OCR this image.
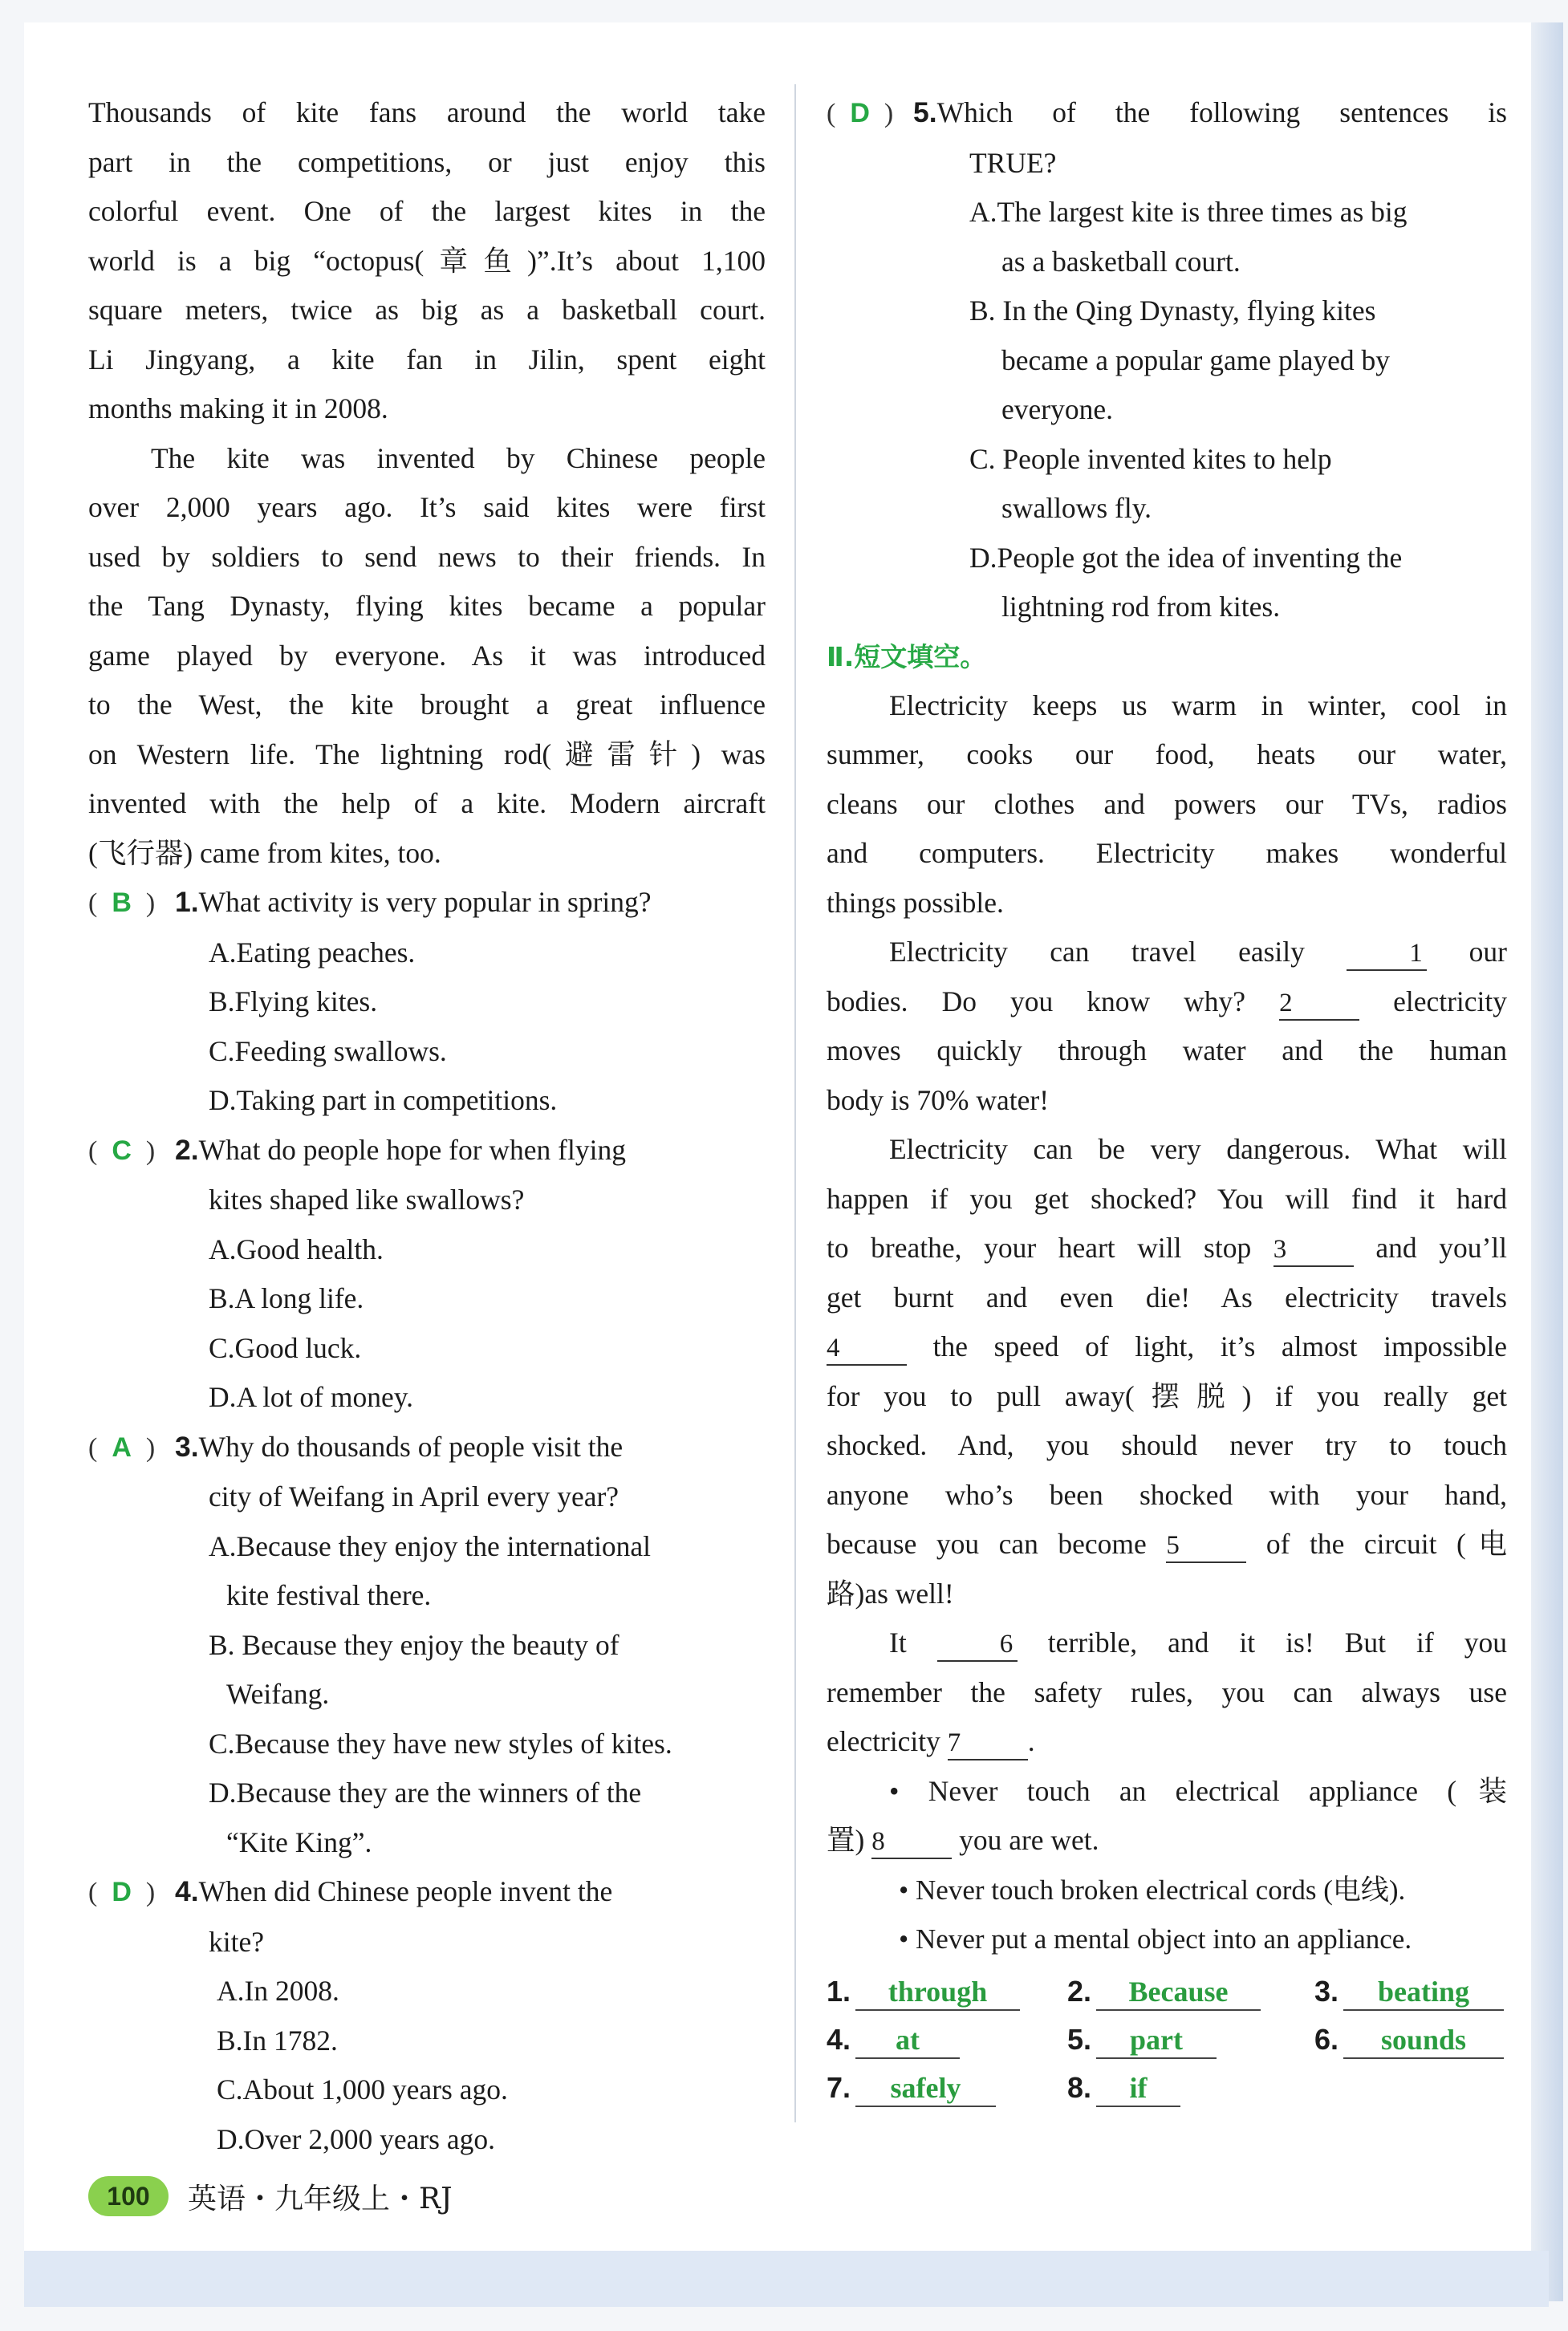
Thousands of kite fans around the world take

part in the competitions, or just enjoy this

colorful event. One of the largest kites in the

world is a big “octopus(章鱼)”.It’s about 1,100

square meters, twice as big as a basketball court.

Li Jingyang, a kite fan in Jilin, spent eight

months making it in 2008.

The kite was invented by Chinese people

over 2,000 years ago. It’s said kites were first

used by soldiers to send news to their friends. In

the Tang Dynasty, flying kites became a popular

game played by everyone. As it was introduced

to the West, the kite brought a great influence

on Western life. The lightning rod(避雷针) was

invented with the help of a kite. Modern aircraft

(飞行器) came from kites, too.

( B ) 1.What activity is very popular in spring?

A.Eating peaches.

B.Flying kites.

C.Feeding swallows.

D.Taking part in competitions.

( C ) 2.What do people hope for when flying

kites shaped like swallows?

A.Good health.

B.A long life.

C.Good luck.

D.A lot of money.

( A ) 3.Why do thousands of people visit the

city of Weifang in April every year?

A.Because they enjoy the international

kite festival there.

B. Because they enjoy the beauty of

Weifang.

C.Because they have new styles of kites.

D.Because they are the winners of the

“Kite King”.

( D ) 4.When did Chinese people invent the

kite?

A.In 2008.

B.In 1782.

C.About 1,000 years ago.

D.Over 2,000 years ago.

( D ) 5.Which of the following sentences is

TRUE?

A.The largest kite is three times as big

as a basketball court.

B. In the Qing Dynasty, flying kites

became a popular game played by

everyone.

C. People invented kites to help

swallows fly.

D.People got the idea of inventing the

lightning rod from kites.

Ⅱ.短文填空。

Electricity keeps us warm in winter, cool in

summer, cooks our food, heats our water,

cleans our clothes and powers our TVs, radios

and computers. Electricity makes wonderful

things possible.

Electricity can travel easily	1 our

bodies. Do you know why? 2	electricity

moves quickly through water and the human

body is 70% water!

Electricity can be very dangerous. What will

happen if you get shocked? You will find it hard

to breathe, your heart will stop 3	and you’ll

get burnt and even die! As electricity travels

4	the speed of light, it’s almost impossible

for you to pull away(摆脱) if you really get

shocked. And, you should never try to touch

anyone who’s been shocked with your hand,

because you can become 5	of the circuit (电

路)as well!

It	6 terrible, and it is! But if you

remember the safety rules, you can always use

electricity 7 .

• Never touch an electrical appliance (装

置) 8	you are wet.

• Never touch broken electrical cords (电线).

• Never put a mental object into an appliance.

1. through	2. Because	3. beating
4. at	5. part	6. sounds
7. safely	8. if
100	英语・九年级上・RJ
